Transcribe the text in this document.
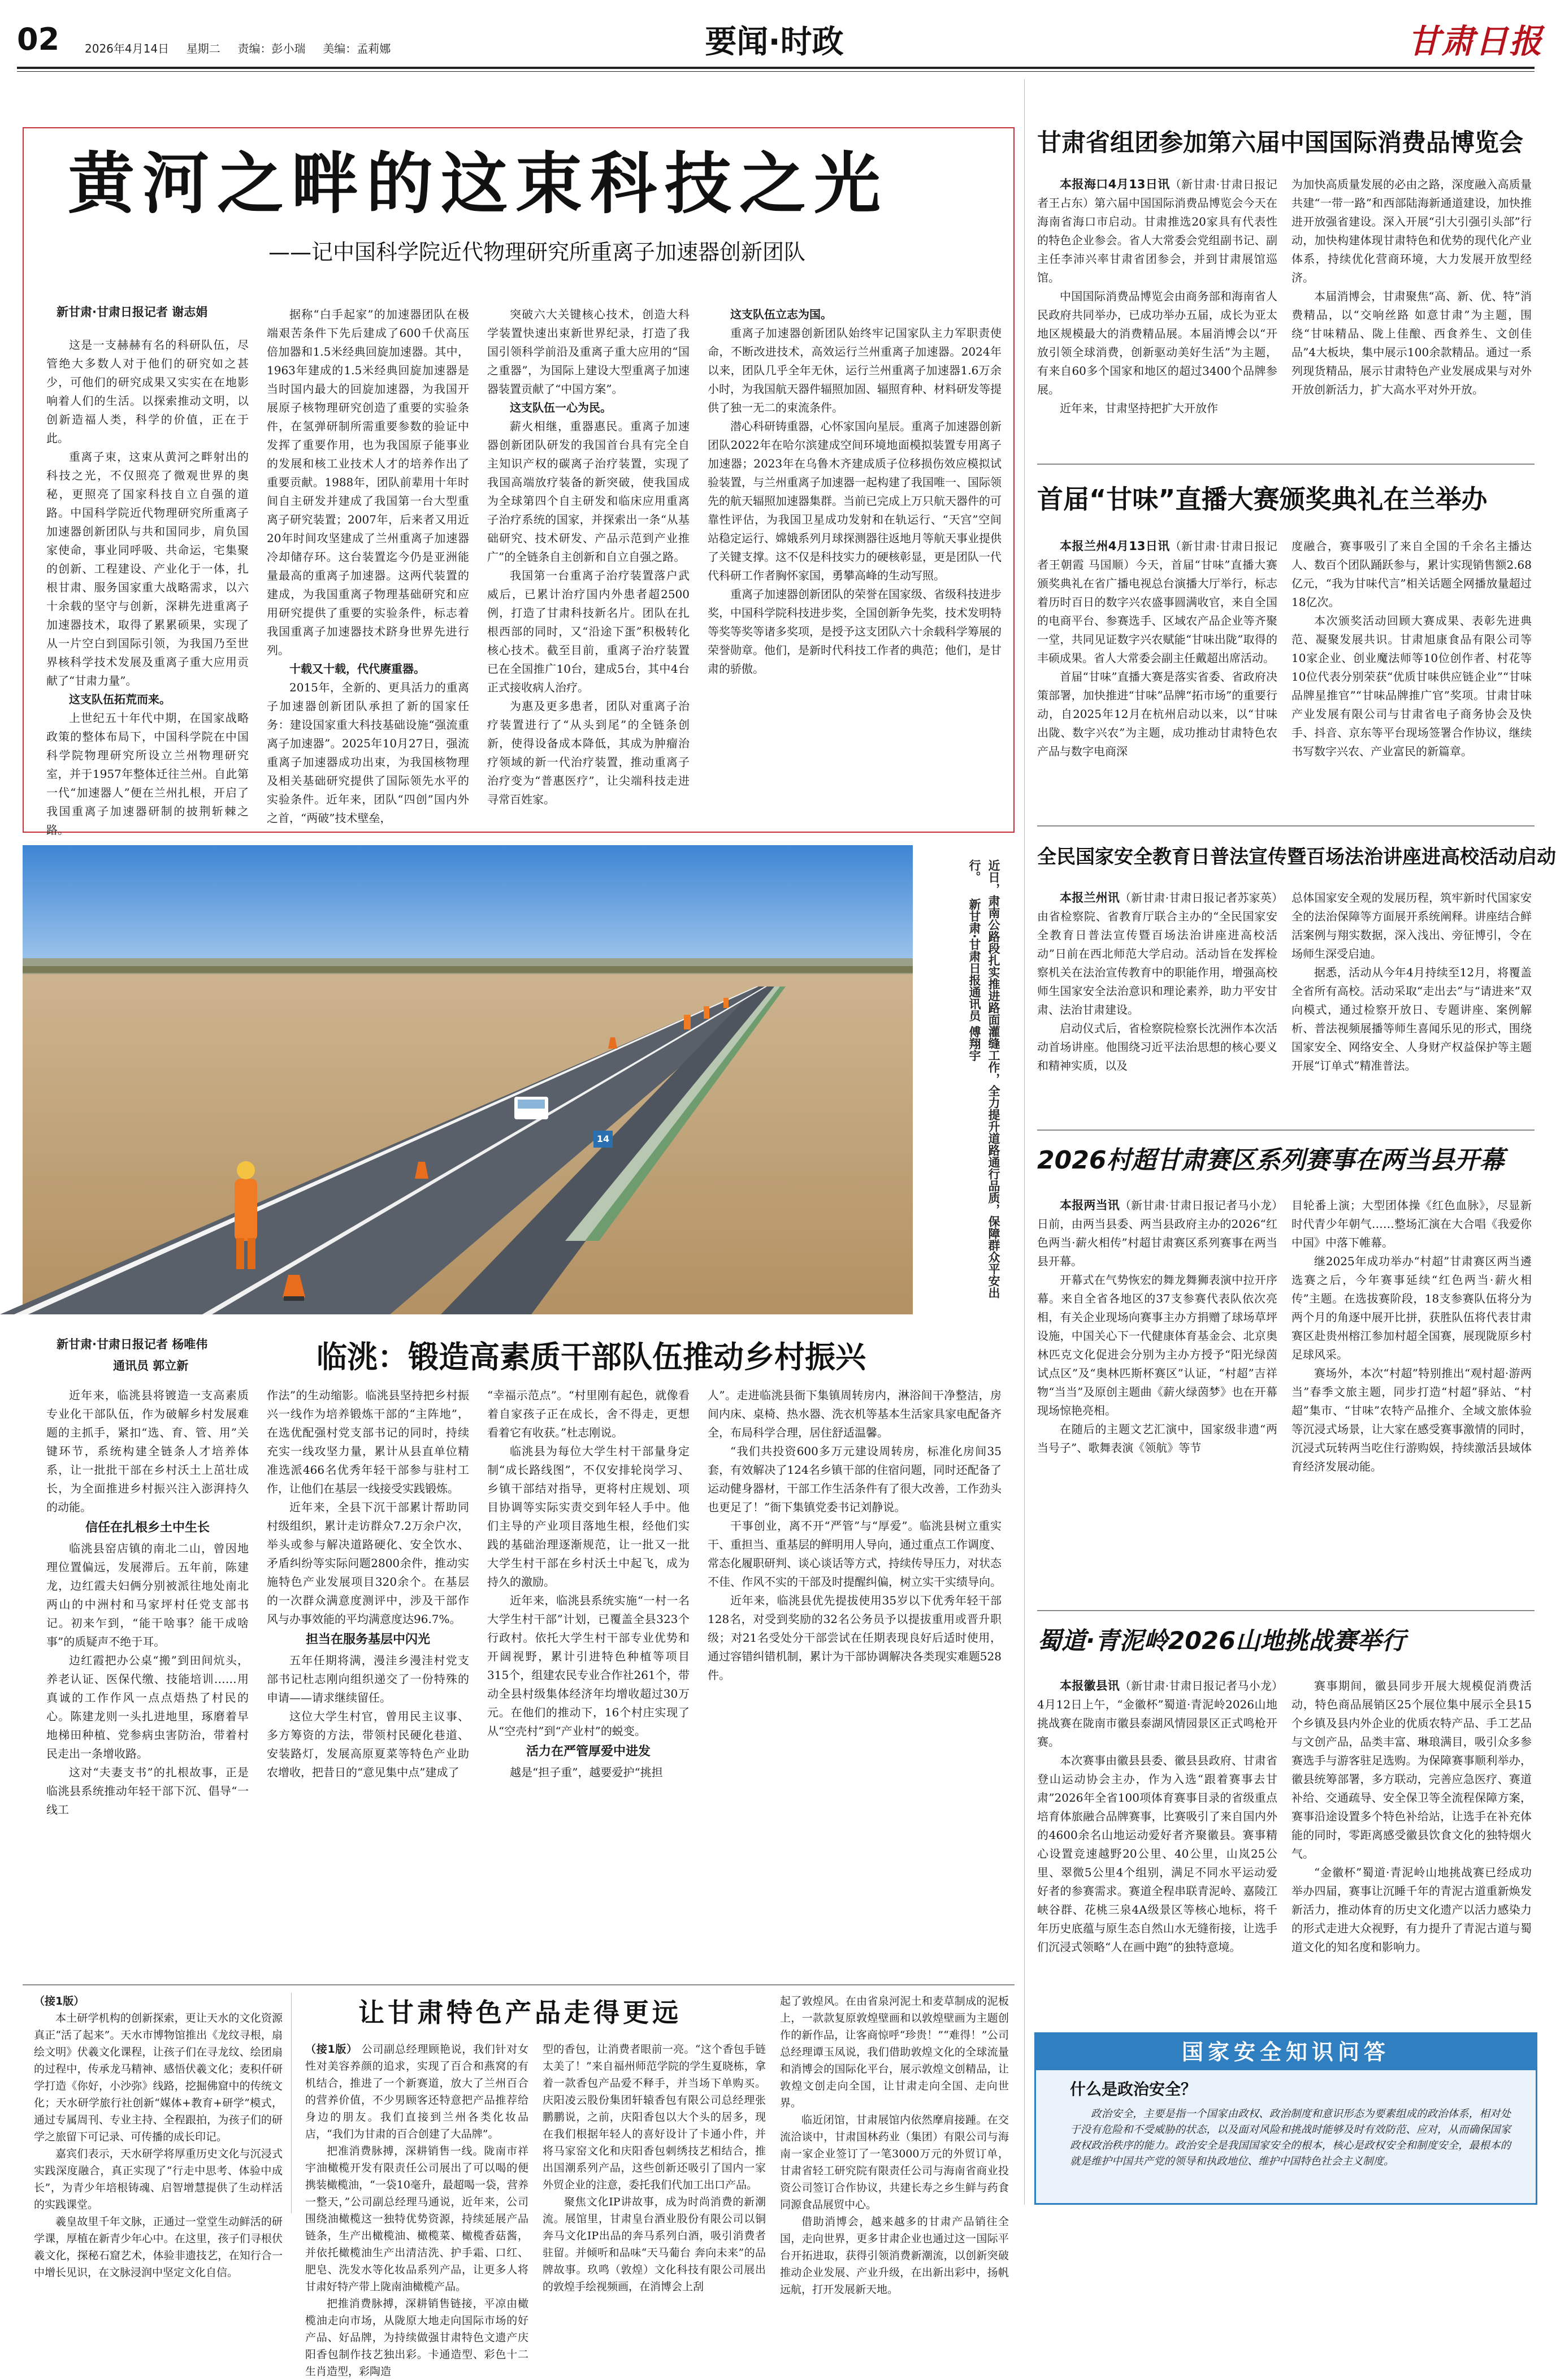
02	2026年4月14日 星期二 责编：彭小瑞 美编：孟莉娜	要闻·时政	甘肃日报
黄河之畔的这束科技之光
——记中国科学院近代物理研究所重离子加速器创新团队
新甘肃·甘肃日报记者 谢志娟

这是一支赫赫有名的科研队伍，尽管绝大多数人对于他们的研究如之甚少，可他们的研究成果又实实在在地影响着人们的生活。以探索推动文明，以创新造福人类，科学的价值，正在于此。

重离子束，这束从黄河之畔射出的科技之光，不仅照亮了微观世界的奥秘，更照亮了国家科技自立自强的道路。中国科学院近代物理研究所重离子加速器创新团队与共和国同步，肩负国家使命，事业同呼吸、共命运，宅集聚的创新、工程建设、产业化于一体，扎根甘肃、服务国家重大战略需求，以六十余载的坚守与创新，深耕先进重离子加速器技术，取得了累累硕果，实现了从一片空白到国际引领，为我国乃至世界核科学技术发展及重离子重大应用贡献了“甘肃力量”。

这支队伍拓荒而来。

上世纪五十年代中期，在国家战略政策的整体布局下，中国科学院在中国科学院物理研究所设立兰州物理研究室，并于1957年整体迁往兰州。自此第一代“加速器人”便在兰州扎根，开启了我国重离子加速器研制的披荆斩棘之路。

据称“白手起家”的加速器团队在极端艰苦条件下先后建成了600千伏高压倍加器和1.5米经典回旋加速器。其中，1963年建成的1.5米经典回旋加速器是当时国内最大的回旋加速器，为我国开展原子核物理研究创造了重要的实验条件，在氢弹研制所需重要参数的验证中发挥了重要作用，也为我国原子能事业的发展和核工业技术人才的培养作出了重要贡献。1988年，团队前辈用十年时间自主研发并建成了我国第一台大型重离子研究装置；2007年，后来者又用近20年时间攻坚建成了兰州重离子加速器冷却储存环。这台装置迄今仍是亚洲能量最高的重离子加速器。这两代装置的建成，为我国重离子物理基础研究和应用研究提供了重要的实验条件，标志着我国重离子加速器技术跻身世界先进行列。

十载又十载，代代赓重器。

2015年，全新的、更具活力的重离子加速器创新团队承担了新的国家任务：建设国家重大科技基础设施“强流重离子加速器”。2025年10月27日，强流重离子加速器成功出束，为我国核物理及相关基础研究提供了国际领先水平的实验条件。近年来，团队“四创”国内外之首，“两破”技术壁垒，

突破六大关键核心技术，创造大科学装置快速出束新世界纪录，打造了我国引领科学前沿及重离子重大应用的“国之重器”，为国际上建设大型重离子加速器装置贡献了“中国方案”。

这支队伍一心为民。

薪火相继，重器惠民。重离子加速器创新团队研发的我国首台具有完全自主知识产权的碳离子治疗装置，实现了我国高端放疗装备的新突破，使我国成为全球第四个自主研发和临床应用重离子治疗系统的国家，并探索出一条“从基础研究、技术研发、产品示范到产业推广”的全链条自主创新和自立自强之路。

我国第一台重离子治疗装置落户武威后，已累计治疗国内外患者超2500例，打造了甘肃科技新名片。团队在扎根西部的同时，又“沿途下蛋”积极转化核心技术。截至目前，重离子治疗装置已在全国推广10台，建成5台，其中4台正式接收病人治疗。

为惠及更多患者，团队对重离子治疗装置进行了“从头到尾”的全链条创新，使得设备成本降低，其成为肿瘤治疗领域的新一代治疗装置，推动重离子治疗变为“普惠医疗”，让尖端科技走进寻常百姓家。

这支队伍立志为国。

重离子加速器创新团队始终牢记国家队主力军职责使命，不断改进技术，高效运行兰州重离子加速器。2024年以来，团队几乎全年无休，运行兰州重离子加速器1.6万余小时，为我国航天器件辐照加固、辐照育种、材料研发等提供了独一无二的束流条件。

潜心科研铸重器，心怀家国向星辰。重离子加速器创新团队2022年在哈尔滨建成空间环境地面模拟装置专用离子加速器；2023年在乌鲁木齐建成质子位移损伤效应模拟试验装置，与兰州重离子加速器一起构建了我国唯一、国际领先的航天辐照加速器集群。当前已完成上万只航天器件的可靠性评估，为我国卫星成功发射和在轨运行、“天宫”空间站稳定运行、嫦娥系列月球探测器往返地月等航天事业提供了关键支撑。这不仅是科技实力的硬核彰显，更是团队一代代科研工作者胸怀家国，勇攀高峰的生动写照。

重离子加速器创新团队的荣誉在国家级、省级科技进步奖，中国科学院科技进步奖，全国创新争先奖，技术发明特等奖等奖等诸多奖项，是授予这支团队六十余载科学筹展的荣誉勋章。他们，是新时代科技工作者的典范；他们，是甘肃的骄傲。

甘肃省组团参加第六届中国国际消费品博览会

本报海口4月13日讯（新甘肃·甘肃日报记者王占东）第六届中国国际消费品博览会今天在海南省海口市启动。甘肃推选20家具有代表性的特色企业参会。省人大常委会党组副书记、副主任李沛兴率甘肃省团参会，并到甘肃展馆巡馆。

中国国际消费品博览会由商务部和海南省人民政府共同举办，已成功举办五届，成长为亚太地区规模最大的消费精品展。本届消博会以“开放引领全球消费，创新驱动美好生活”为主题，有来自60多个国家和地区的超过3400个品牌参展。

近年来，甘肃坚持把扩大开放作

为加快高质量发展的必由之路，深度融入高质量共建“一带一路”和西部陆海新通道建设，加快推进开放强省建设。深入开展“引大引强引头部”行动，加快构建体现甘肃特色和优势的现代化产业体系，持续优化营商环境，大力发展开放型经济。

本届消博会，甘肃聚焦“高、新、优、特”消费精品，以“交响丝路 如意甘肃”为主题，围绕“甘味精品、陇上佳酿、西食养生、文创佳品”4大板块，集中展示100余款精品。通过一系列现货精品，展示甘肃特色产业发展成果与对外开放创新活力，扩大高水平对外开放。

首届“甘味”直播大赛颁奖典礼在兰举办

本报兰州4月13日讯（新甘肃·甘肃日报记者王朝霞 马国顺）今天，首届“甘味”直播大赛颁奖典礼在省广播电视总台演播大厅举行，标志着历时百日的数字兴农盛事圆满收官，来自全国的电商平台、参赛选手、区域农产品企业等齐聚一堂，共同见证数字兴农赋能“甘味出陇”取得的丰硕成果。省人大常委会副主任戴超出席活动。

首届“甘味”直播大赛是落实省委、省政府决策部署，加快推进“甘味”品牌“拓市场”的重要行动，自2025年12月在杭州启动以来，以“甘味出陇、数字兴农”为主题，成功推动甘肃特色农产品与数字电商深

度融合，赛事吸引了来自全国的千余名主播达人、数百个团队踊跃参与，累计实现销售额2.68亿元，“我为甘味代言”相关话题全网播放量超过18亿次。

本次颁奖活动回顾大赛成果、表彰先进典范、凝聚发展共识。甘肃旭康食品有限公司等10家企业、创业魔法师等10位创作者、村花等10位代表分别荣获“优质甘味供应链企业”“甘味品牌星推官”“甘味品牌推广官”奖项。甘肃甘味产业发展有限公司与甘肃省电子商务协会及快手、抖音、京东等平台现场签署合作协议，继续书写数字兴农、产业富民的新篇章。

全民国家安全教育日普法宣传暨百场法治讲座进高校活动启动

本报兰州讯（新甘肃·甘肃日报记者苏家英）由省检察院、省教育厅联合主办的“全民国家安全教育日普法宣传暨百场法治讲座进高校活动”日前在西北师范大学启动。活动旨在发挥检察机关在法治宣传教育中的职能作用，增强高校师生国家安全法治意识和理论素养，助力平安甘肃、法治甘肃建设。

启动仪式后，省检察院检察长沈洲作本次活动首场讲座。他围绕习近平法治思想的核心要义和精神实质，以及

总体国家安全观的发展历程，筑牢新时代国家安全的法治保障等方面展开系统阐释。讲座结合鲜活案例与翔实数据，深入浅出、旁征博引，令在场师生深受启迪。

据悉，活动从今年4月持续至12月，将覆盖全省所有高校。活动采取“走出去”与“请进来”双向模式，通过检察开放日、专题讲座、案例解析、普法视频展播等师生喜闻乐见的形式，围绕国家安全、网络安全、人身财产权益保护等主题开展“订单式”精准普法。

2026村超甘肃赛区系列赛事在两当县开幕

本报两当讯（新甘肃·甘肃日报记者马小龙）日前，由两当县委、两当县政府主办的2026“红色两当·薪火相传”村超甘肃赛区系列赛事在两当县开幕。

开幕式在气势恢宏的舞龙舞狮表演中拉开序幕。来自全省各地区的37支参赛代表队依次亮相，有关企业现场向赛事主办方捐赠了球场草坪设施，中国关心下一代健康体育基金会、北京奥林匹克文化促进会分别为主办方授予“阳光绿茵试点区”及“奥林匹斯杯赛区”认证，“村超”吉祥物“当当”及原创主题曲《薪火绿茵梦》也在开幕现场惊艳亮相。

在随后的主题文艺汇演中，国家级非遗“两当号子”、歌舞表演《领航》等节

目轮番上演；大型团体操《红色血脉》，尽显新时代青少年朝气……整场汇演在大合唱《我爱你中国》中落下帷幕。

继2025年成功举办“村超”甘肃赛区两当遴选赛之后，今年赛事延续“红色两当·薪火相传”主题。在选拔赛阶段，18支参赛队伍将分为两个月的角逐中展开比拼，获胜队伍将代表甘肃赛区赴贵州榕江参加村超全国赛，展现陇原乡村足球风采。

赛场外，本次“村超”特别推出“观村超·游两当”春季文旅主题，同步打造“村超”驿站、“村超”集市、“甘味”农特产品推介、全域文旅体验等沉浸式场景，让大家在感受赛事激情的同时，沉浸式玩转两当吃住行游购娱，持续激活县域体育经济发展动能。

蜀道·青泥岭2026山地挑战赛举行

本报徽县讯（新甘肃·甘肃日报记者马小龙）4月12日上午，“金徽杯”蜀道·青泥岭2026山地挑战赛在陇南市徽县泰湖风情园景区正式鸣枪开赛。

本次赛事由徽县县委、徽县县政府、甘肃省登山运动协会主办，作为入选“跟着赛事去甘肃”2026年全省100项体育赛事目录的省级重点培育体旅融合品牌赛事，比赛吸引了来自国内外的4600余名山地运动爱好者齐聚徽县。赛事精心设置竞速越野20公里、40公里，山岚25公里、翠微5公里4个组别，满足不同水平运动爱好者的参赛需求。赛道全程串联青泥岭、嘉陵江峡谷群、花桃三泉4A级景区等核心地标，将千年历史底蕴与原生态自然山水无缝衔接，让选手们沉浸式领略“人在画中跑”的独特意境。

赛事期间，徽县同步开展大规模促消费活动，特色商品展销区25个展位集中展示全县15个乡镇及县内外企业的优质农特产品、手工艺品与文创产品，品类丰富、琳琅满目，吸引众多参赛选手与游客驻足选购。为保障赛事顺利举办，徽县统筹部署，多方联动，完善应急医疗、赛道补给、交通疏导、安全保卫等全流程保障方案，赛事沿途设置多个特色补给站，让选手在补充体能的同时，零距离感受徽县饮食文化的独特烟火气。

“金徽杯”蜀道·青泥岭山地挑战赛已经成功举办四届，赛事让沉睡千年的青泥古道重新焕发新活力，推动体育的历史文化遗产以活力感染力的形式走进大众视野，有力提升了青泥古道与蜀道文化的知名度和影响力。

国家安全知识问答
什么是政治安全？
政治安全，主要是指一个国家由政权、政治制度和意识形态为要素组成的政治体系，相对处于没有危险和不受威胁的状态，以及面对风险和挑战时能够及时有效防范、应对，从而确保国家政权政治秩序的能力。政治安全是我国国家安全的根本，核心是政权安全和制度安全，最根本的就是维护中国共产党的领导和执政地位、维护中国特色社会主义制度。
14	近日，肃南公路段扎实推进路面灌缝工作，全力提升道路通行品质，保障群众平安出行。 新甘肃·甘肃日报通讯员 傅翔宇
临洮：锻造高素质干部队伍推动乡村振兴
新甘肃·甘肃日报记者 杨唯伟
通讯员 郭立新

近年来，临洮县将镀造一支高素质专业化干部队伍，作为破解乡村发展难题的主抓手，紧扣“选、育、管、用”关键环节，系统构建全链条人才培养体系，让一批批干部在乡村沃土上茁壮成长，为全面推进乡村振兴注入澎湃持久的动能。

信任在扎根乡土中生长

临洮县窑店镇的南北二山，曾因地理位置偏远，发展滞后。五年前，陈建龙，边红霞夫妇俩分别被派往地处南北两山的中洲村和马家坪村任党支部书记。初来乍到，“能干啥事？能干成啥事”的质疑声不绝于耳。

边红霞把办公桌“搬”到田间炕头，养老认证、医保代缴、技能培训……用真诚的工作作风一点点焐热了村民的心。陈建龙则一头扎进地里，琢磨着早地梯田种植、党参病虫害防治，带着村民走出一条增收路。

这对“夫妻支书”的扎根故事，正是临洮县系统推动年轻干部下沉、倡导“一线工

作法”的生动缩影。临洮县坚持把乡村振兴一线作为培养锻炼干部的“主阵地”，在选优配强村党支部书记的同时，持续充实一线攻坚力量，累计从县直单位精准选派466名优秀年轻干部参与驻村工作，让他们在基层一线接受实践锻炼。

近年来，全县下沉干部累计帮助同村级组织，累计走访群众7.2万余户次，举头或参与解决道路硬化、安全饮水、矛盾纠纷等实际问题2800余件，推动实施特色产业发展项目320余个。在基层的一次群众满意度测评中，涉及干部作风与办事效能的平均满意度达96.7%。

担当在服务基层中闪光

五年任期将满，漫洼乡漫洼村党支部书记杜志刚向组织递交了一份特殊的申请——请求继续留任。

这位大学生村官，曾用民主议事、多方筹资的方法，带领村民硬化巷道、安装路灯，发展高原夏菜等特色产业助农增收，把昔日的“意见集中点”建成了

“幸福示范点”。“村里刚有起色，就像看着自家孩子正在成长，舍不得走，更想看着它有收获。”杜志刚说。

临洮县为每位大学生村干部量身定制“成长路线图”，不仅安排轮岗学习、乡镇干部结对指导，更将村庄规划、项目协调等实际实责交到年轻人手中。他们主导的产业项目落地生根，经他们实践的基础治理逐渐规范，让一批又一批大学生村干部在乡村沃土中起飞，成为持久的激励。

近年来，临洮县系统实施“一村一名大学生村干部”计划，已覆盖全县323个行政村。依托大学生村干部专业优势和开阔视野，累计引进特色种植等项目315个，组建农民专业合作社261个，带动全县村级集体经济年均增收超过30万元。在他们的推动下，16个村庄实现了从“空壳村”到“产业村”的蜕变。

活力在严管厚爱中进发

越是“担子重”，越要爱护“挑担

人”。走进临洮县衙下集镇周转房内，淋浴间干净整洁，房间内床、桌椅、热水器、洗衣机等基本生活家具家电配备齐全，布局科学合理，居住舒适温馨。

“我们共投资600多万元建设周转房，标准化房间35套，有效解决了124名乡镇干部的住宿问题，同时还配备了运动健身器材，干部工作生活条件有了很大改善，工作劲头也更足了！”衙下集镇党委书记刘静说。

干事创业，离不开“严管”与“厚爱”。临洮县树立重实干、重担当、重基层的鲜明用人导向，通过重点工作调度、常态化履职研判、谈心谈话等方式，持续传导压力，对状态不佳、作风不实的干部及时提醒纠偏，树立实干实绩导向。

近年来，临洮县优先提拔使用35岁以下优秀年轻干部128名，对受到奖励的32名公务员予以提拔重用或晋升职级；对21名受处分干部尝试在任期表现良好后适时使用，通过容错纠错机制，累计为干部协调解决各类现实难题528件。

（接1版）

本土研学机构的创新探索，更让天水的文化资源真正“活了起来”。天水市博物馆推出《龙纹寻根，扇绘文明》伏羲文化课程，让孩子们在寻龙纹、绘团扇的过程中，传承龙马精神、感悟伏羲文化；麦积仟研学打造《你好，小沙弥》线路，挖掘佛窟中的传统文化；天水研学旅行社创新“媒体+教育+研学”模式，通过专属周刊、专业主持、全程跟拍，为孩子们的研学之旅留下可记录、可传播的成长印记。

嘉宾们表示，天水研学将厚重历史文化与沉浸式实践深度融合，真正实现了“行走中思考、体验中成长”，为青少年培根铸魂、启智增慧提供了生动样活的实践课堂。

羲皇故里千年文脉，正通过一堂堂生动鲜活的研学课，厚植在新青少年心中。在这里，孩子们寻根伏羲文化，探秘石窟艺术，体验非遗技艺，在知行合一中增长见识，在文脉浸润中坚定文化自信。

让甘肃特色产品走得更远
（接1版） 公司副总经理顾艳说，我们针对女性对美容养颜的追求，实现了百合和燕窝的有机结合，推进了一个新赛道，放大了兰州百合的营养价值，不少男顾客还特意把产品推荐给身边的朋友。我们直接到兰州各类化妆品店，“我们为甘肃的百合创建了大品牌”。

把准消费脉搏，深耕销售一线。陇南市祥宇油橄榄开发有限责任公司展出了可以喝的便携装橄榄油，“一袋10毫升，最超喝一袋，营养一整天，”公司副总经理马通说，近年来，公司围绕油橄榄这一独特优势资源，持续延展产品链条，生产出橄榄油、橄榄菜、橄榄香菇酱，并依托橄榄油生产出清洁洗、护手霜、口红、肥皂、洗发水等化妆品系列产品，让更多人将甘肃好特产带上陇南油橄榄产品。

把推消费脉搏，深耕销售链接，平凉由橄榄油走向市场，从陇原大地走向国际市场的好产品、好品牌，为持续做强甘肃特色文遗产庆阳香包制作技艺独出彩。卡通造型、彩色十二生肖造型，彩陶造

型的香包，让消费者眼前一亮。“这个香包手链太美了！”来自福州师范学院的学生夏晓栋，拿着一款香包产品爱不释手，并当场下单购买。庆阳凌云股份集团轩辕香包有限公司总经理张鹏鹏说，之前，庆阳香包以大个头的居多，现在我们根据年轻人的喜好设计了卡通小件，并将马家窑文化和庆阳香包刺绣技艺相结合，推出国潮系列产品，这些创新还吸引了国内一家外贸企业的注意，委托我们代加工出口产品。

聚焦文化IP讲故事，成为时尚消费的新潮流。展馆里，甘肃皇台酒业股份有限公司以铜奔马文化IP出品的奔马系列白酒，吸引消费者驻留。并倾听和品味“天马葡台 奔向未来”的品牌故事。玖鸣（敦煌）文化科技有限公司展出的敦煌手绘视频画，在消博会上刮

起了敦煌风。在由省泉河泥土和麦草制成的泥板上，一款款复原敦煌壁画和以敦煌壁画为主题创作的新作品，让客商惊呼“珍贵！”“难得！”公司总经理谭玉凤说，我们借助敦煌文化的全球流量和消博会的国际化平台，展示敦煌文创精品，让敦煌文创走向全国，让甘肃走向全国、走向世界。

临近闭馆，甘肃展馆内依然摩肩接踵。在交流洽谈中，甘肃国林药业（集团）有限公司与海南一家企业签订了一笔3000万元的外贸订单，甘肃省轻工研究院有限责任公司与海南省商业投资公司签订合作协议，共建长寿之乡生鲜与药食同源食品展贸中心。

借助消博会，越来越多的甘肃产品销往全国，走向世界，更多甘肃企业也通过这一国际平台开拓进取，获得引领消费新潮流，以创新突破推动企业发展、产业升级，在出新出彩中，扬帆远航，打开发展新天地。
